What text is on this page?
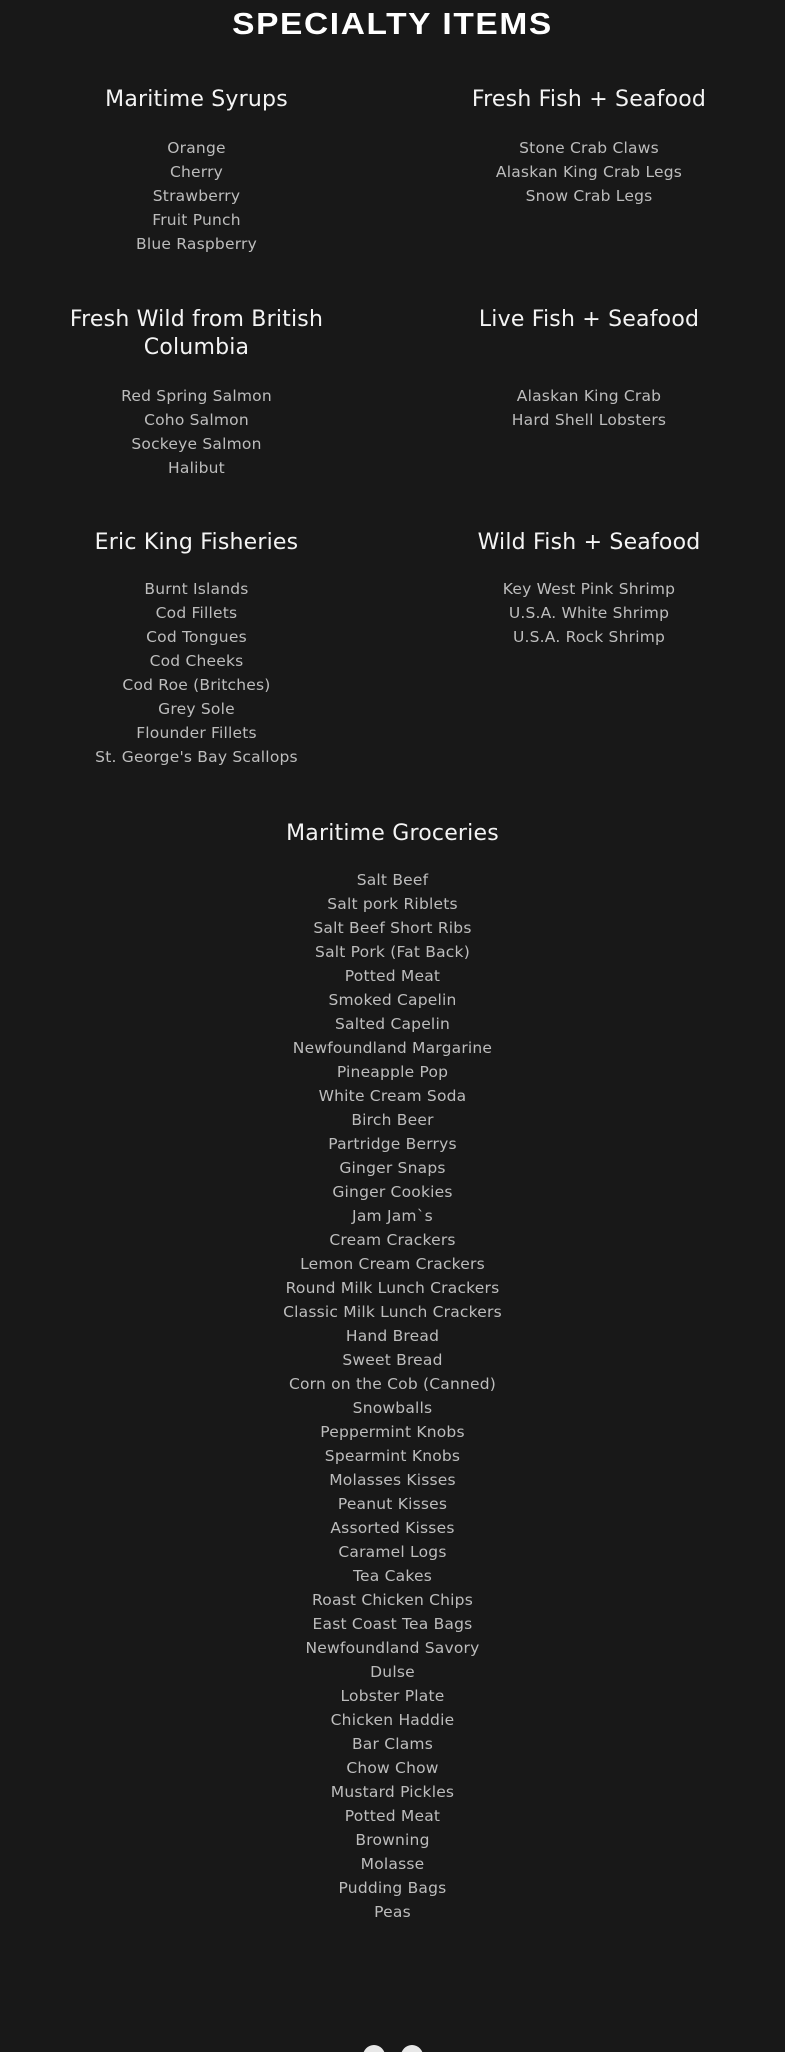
SPECIALTY ITEMS
Maritime Syrups
Orange
Cherry
Strawberry
Fruit Punch
Blue Raspberry
Fresh Fish + Seafood
Stone Crab Claws
Alaskan King Crab Legs
Snow Crab Legs
Fresh Wild from British
Columbia
Red Spring Salmon
Coho Salmon
Sockeye Salmon
Halibut
Live Fish + Seafood
Alaskan King Crab
Hard Shell Lobsters
Eric King Fisheries
Burnt Islands
Cod Fillets
Cod Tongues
Cod Cheeks
Cod Roe (Britches)
Grey Sole
Flounder Fillets
St. George's Bay Scallops
Wild Fish + Seafood
Key West Pink Shrimp
U.S.A. White Shrimp
U.S.A. Rock Shrimp
Maritime Groceries
Salt Beef
Salt pork Riblets
Salt Beef Short Ribs
Salt Pork (Fat Back)
Potted Meat
Smoked Capelin
Salted Capelin
Newfoundland Margarine
Pineapple Pop
White Cream Soda
Birch Beer
Partridge Berrys
Ginger Snaps
Ginger Cookies
Jam Jam`s
Cream Crackers
Lemon Cream Crackers
Round Milk Lunch Crackers
Classic Milk Lunch Crackers
Hand Bread
Sweet Bread
Corn on the Cob (Canned)
Snowballs
Peppermint Knobs
Spearmint Knobs
Molasses Kisses
Peanut Kisses
Assorted Kisses
Caramel Logs
Tea Cakes
Roast Chicken Chips
East Coast Tea Bags
Newfoundland Savory
Dulse
Lobster Plate
Chicken Haddie
Bar Clams
Chow Chow
Mustard Pickles
Potted Meat
Browning
Molasse
Pudding Bags
Peas
